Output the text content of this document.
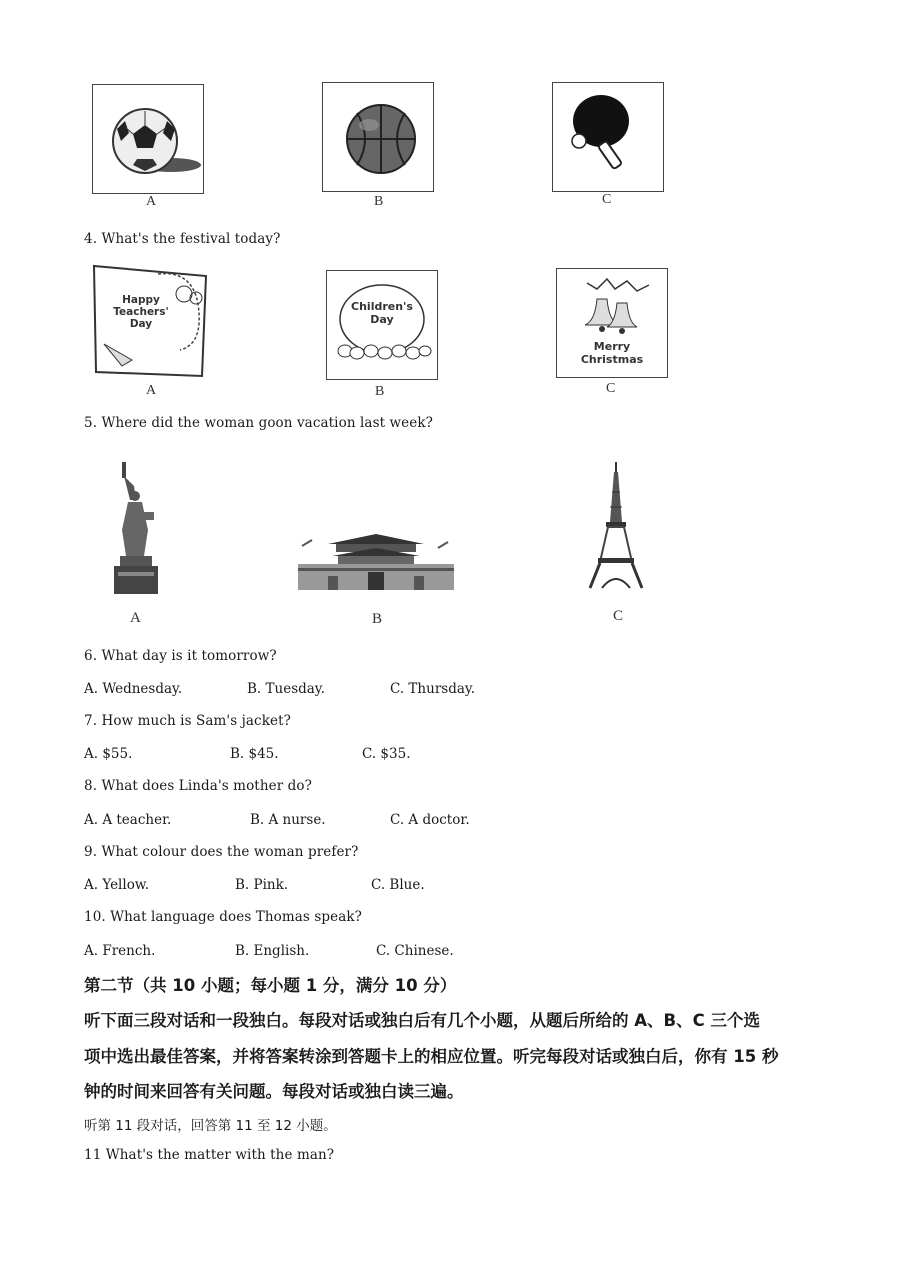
A	B	C
4. What's the festival today?
Happy Teachers' Day
A
Children's Day
B
Merry Christmas
C
5. Where did the woman goon vacation last week?
A	B	C
6. What day is it tomorrow?
A. Wednesday.	B. Tuesday.	C. Thursday.
7. How much is Sam's jacket?
A. $55.	B. $45.	C. $35.
8. What does Linda's mother do?
A. A teacher.	B. A nurse.	C. A doctor.
9. What colour does the woman prefer?
A. Yellow.	B. Pink.	C. Blue.
10. What language does Thomas speak?
A. French.	B. English.	C. Chinese.
第二节（共 10 小题；每小题 1 分，满分 10 分）
听下面三段对话和一段独白。每段对话或独白后有几个小题，从题后所给的 A、B、C 三个选
项中选出最佳答案，并将答案转涂到答题卡上的相应位置。听完每段对话或独白后，你有 15 秒
钟的时间来回答有关问题。每段对话或独白读三遍。
听第 11 段对话，回答第 11 至 12 小题。
11 What's the matter with the man?
